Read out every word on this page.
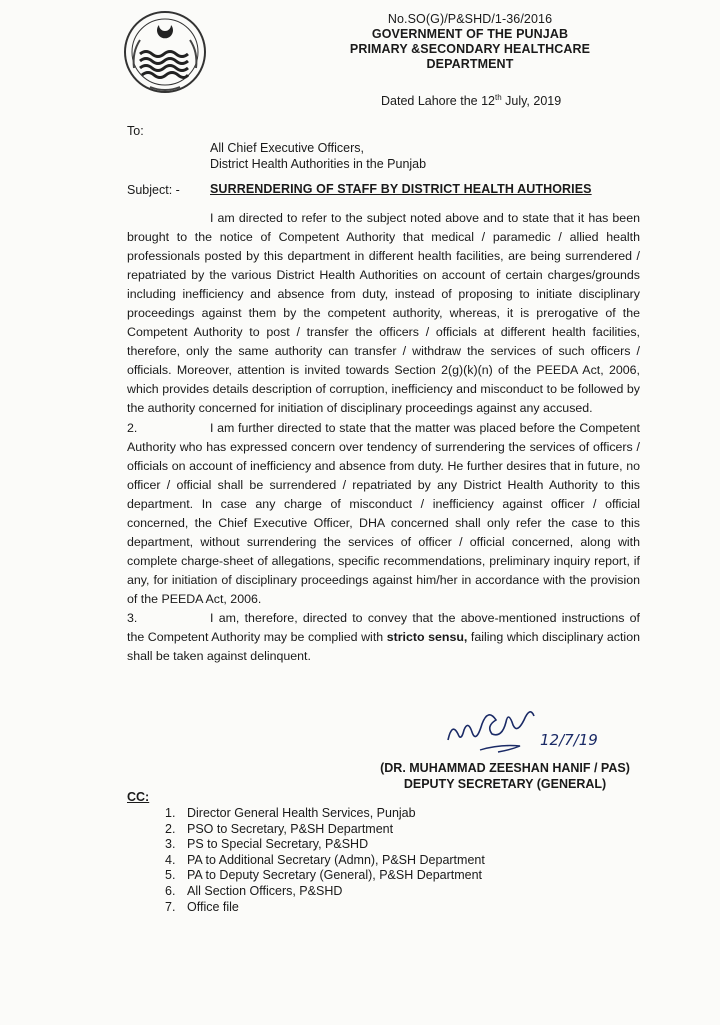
No.SO(G)/P&SHD/1-36/2016
GOVERNMENT OF THE PUNJAB
PRIMARY &SECONDARY HEALTHCARE
DEPARTMENT
Dated Lahore the 12th July, 2019
To:
All Chief Executive Officers,
District Health Authorities in the Punjab
Subject: - SURRENDERING OF STAFF BY DISTRICT HEALTH AUTHORIES

I am directed to refer to the subject noted above and to state that it has been brought to the notice of Competent Authority that medical / paramedic / allied health professionals posted by this department in different health facilities, are being surrendered / repatriated by the various District Health Authorities on account of certain charges/grounds including inefficiency and absence from duty, instead of proposing to initiate disciplinary proceedings against them by the competent authority, whereas, it is prerogative of the Competent Authority to post / transfer the officers / officials at different health facilities, therefore, only the same authority can transfer / withdraw the services of such officers / officials. Moreover, attention is invited towards Section 2(g)(k)(n) of the PEEDA Act, 2006, which provides details description of corruption, inefficiency and misconduct to be followed by the authority concerned for initiation of disciplinary proceedings against any accused.

2.	I am further directed to state that the matter was placed before the Competent Authority who has expressed concern over tendency of surrendering the services of officers / officials on account of inefficiency and absence from duty. He further desires that in future, no officer / official shall be surrendered / repatriated by any District Health Authority to this department. In case any charge of misconduct / inefficiency against officer / official concerned, the Chief Executive Officer, DHA concerned shall only refer the case to this department, without surrendering the services of officer / official concerned, along with complete charge-sheet of allegations, specific recommendations, preliminary inquiry report, if any, for initiation of disciplinary proceedings against him/her in accordance with the provision of the PEEDA Act, 2006.

3.	I am, therefore, directed to convey that the above-mentioned instructions of the Competent Authority may be complied with stricto sensu, failing which disciplinary action shall be taken against delinquent.

12/7/19
(DR. MUHAMMAD ZEESHAN HANIF / PAS)
DEPUTY SECRETARY (GENERAL)
CC:
1. Director General Health Services, Punjab
2. PSO to Secretary, P&SH Department
3. PS to Special Secretary, P&SHD
4. PA to Additional Secretary (Admn), P&SH Department
5. PA to Deputy Secretary (General), P&SH Department
6. All Section Officers, P&SHD
7. Office file
